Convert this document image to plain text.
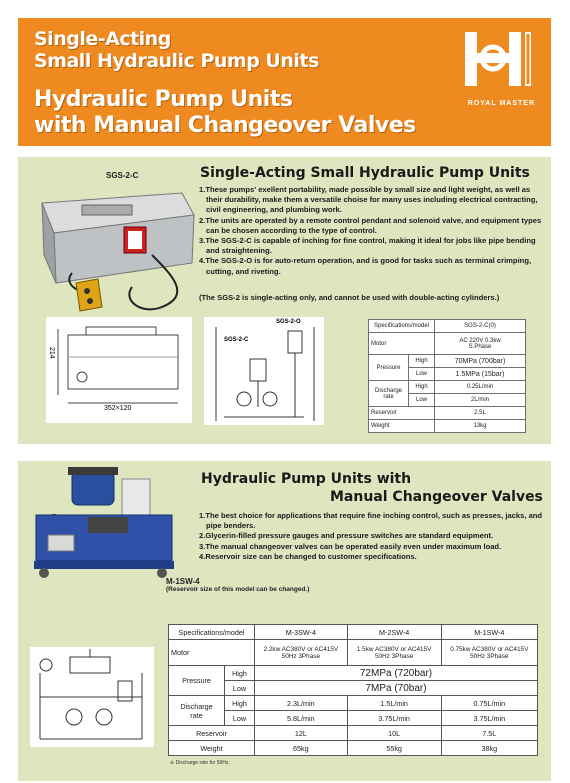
Single-Acting
Small Hydraulic Pump Units
Hydraulic Pump Units
with Manual Changeover Valves
ROYAL MASTER
SGS-2-C	Single-Acting Small Hydraulic Pump Units
1.These pumps' exellent portability, made possible by small size and light weight, as well as their durability, make them a versatile choise for many uses including electrical contracting, civil engineering, and plumbing work.
2.The units are operated by a remote control pendant and solenoid valve, and equipment types can be chosen according to the type of control.
3.The SGS-2-C is capable of inching for fine control, making it ideal for jobs like pipe bending and straightening.
4.The SGS-2-O is for auto-return operation, and is good for tasks such as terminal crimping, cutting, and riveting.
(The SGS-2 is single-acting only, and cannot be used with double-acting cylinders.)
214
352×120
SGS-2-O
SGS-2-C
Specifications/model		SGS-2-C(0)
Motor		AC 220V 0.3kw
S.Phase
Pressure	High	70MPa (700bar)
	Low	1.5MPa (15bar)
Discharge
rate	High	0.25L/min
	Low	2L/min
Reservoir		2.5L
Weight		13kg
M-1SW-4
(Reservoir size of this model can be changed.)
Hydraulic Pump Units with
Manual Changeover Valves
1.The best choice for applications that require fine inching control, such as presses, jacks, and pipe benders.
2.Glycerin-filled pressure gauges and pressure switches are standard equipment.
3.The manual changeover valves can be operated easily even under maximum load.
4.Reservoir size can be changed to customer specifications.
Specifications/model		M-3SW-4	M-2SW-4	M-1SW-4
Motor		2.2kw AC380V or AC415V 50Hz 3Phase	1.5kw AC380V or AC415V 50Hz 3Phase	0.75kw AC380V or AC415V 50Hz 3Phase
Pressure	High	72MPa (720bar)		
	Low	7MPa (70bar)		
Discharge
rate	High	2.3L/min	1.5L/min	0.75L/min
	Low	5.8L/min	3.75L/min	3.75L/min
Reservoir		12L	10L	7.5L
Weight		65kg	55kg	38kg
※ Discharge rate for 50Hz.
